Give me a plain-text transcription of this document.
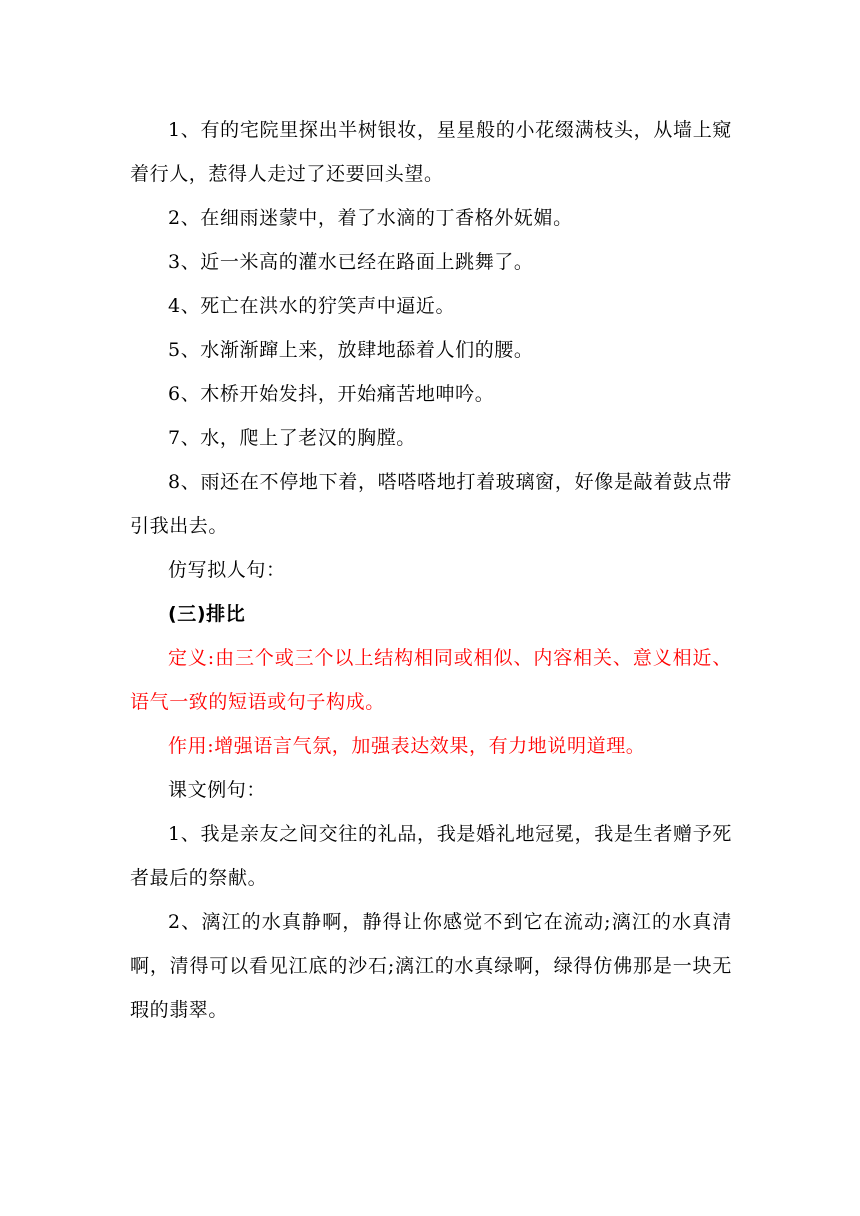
1、有的宅院里探出半树银妆，星星般的小花缀满枝头，从墙上窥着行人，惹得人走过了还要回头望。

2、在细雨迷蒙中，着了水滴的丁香格外妩媚。

3、近一米高的灌水已经在路面上跳舞了。

4、死亡在洪水的狞笑声中逼近。

5、水渐渐蹿上来，放肆地舔着人们的腰。

6、木桥开始发抖，开始痛苦地呻吟。

7、水，爬上了老汉的胸膛。

8、雨还在不停地下着，嗒嗒嗒地打着玻璃窗，好像是敲着鼓点带引我出去。

仿写拟人句：

(三)排比

定义:由三个或三个以上结构相同或相似、内容相关、意义相近、语气一致的短语或句子构成。

作用:增强语言气氛，加强表达效果，有力地说明道理。

课文例句：

1、我是亲友之间交往的礼品，我是婚礼地冠冕，我是生者赠予死者最后的祭献。

2、漓江的水真静啊，静得让你感觉不到它在流动;漓江的水真清啊，清得可以看见江底的沙石;漓江的水真绿啊，绿得仿佛那是一块无瑕的翡翠。
